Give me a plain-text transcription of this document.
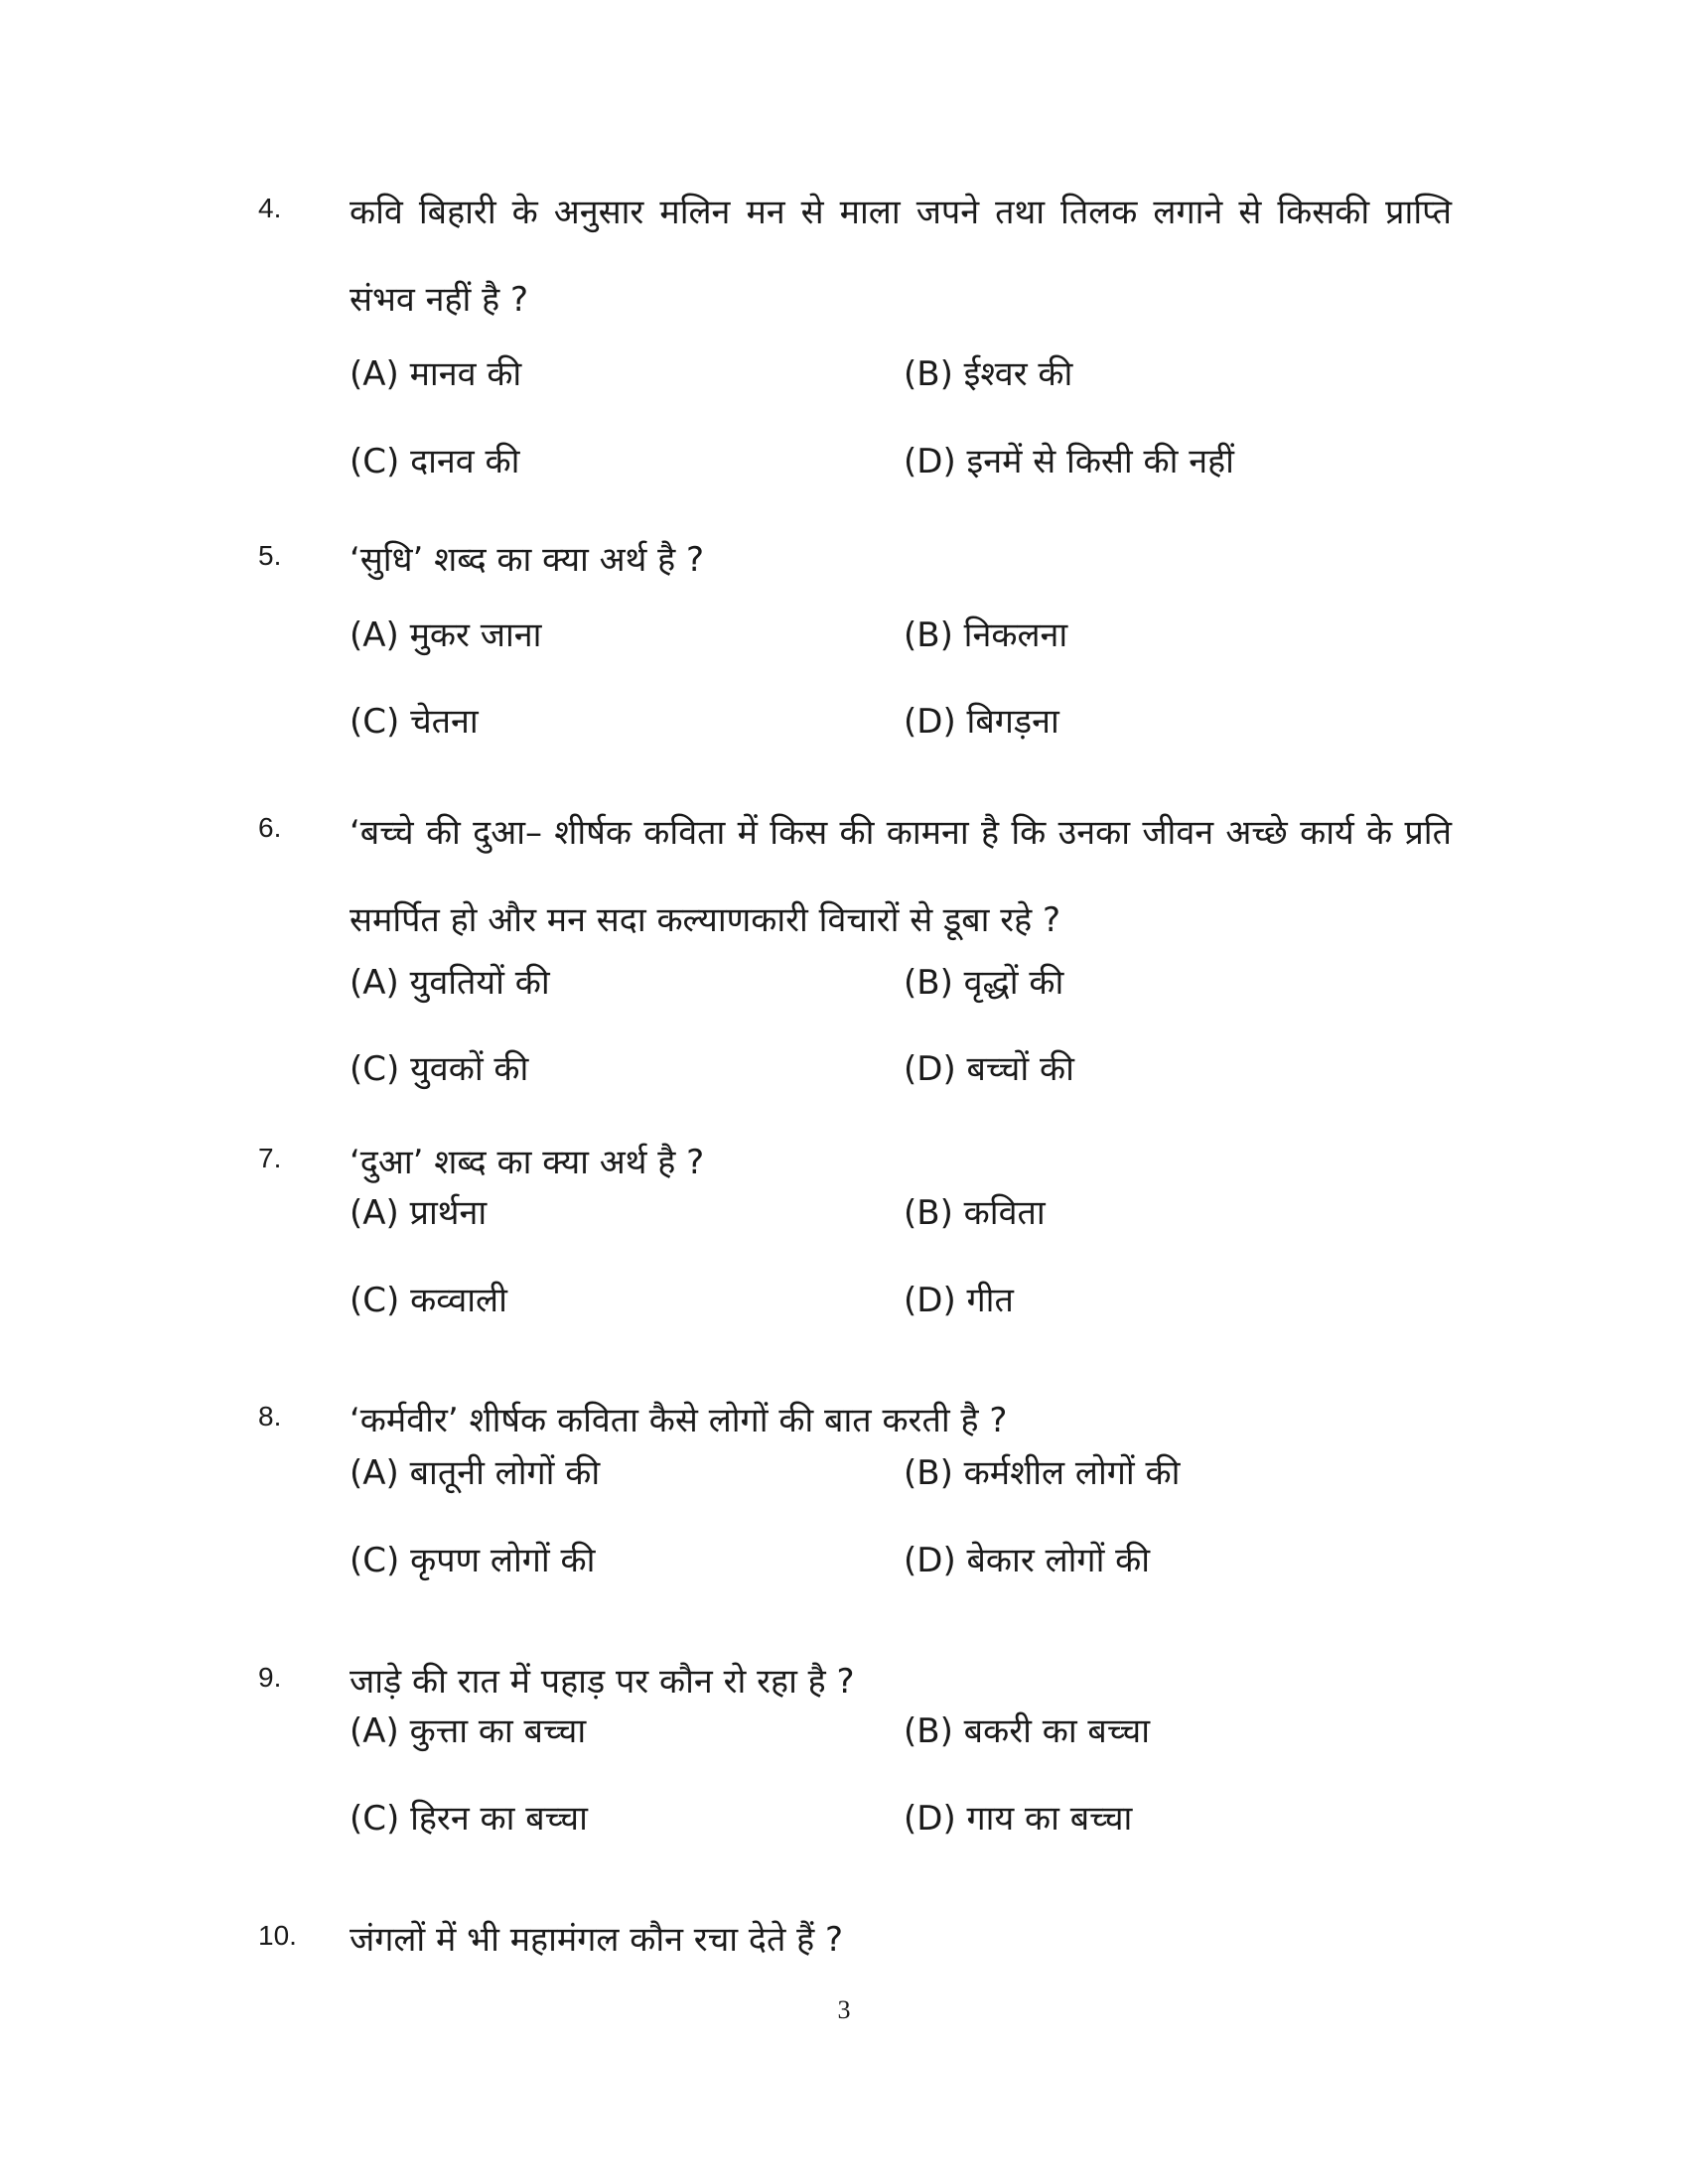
4. कवि बिहारी के अनुसार मलिन मन से माला जपने तथा तिलक लगाने से किसकी प्राप्ति संभव नहीं है ?
(A) मानव की	(B) ईश्वर की
(C) दानव की	(D) इनमें से किसी की नहीं
5. ‘सुधि’ शब्द का क्या अर्थ है ?
(A) मुकर जाना	(B) निकलना
(C) चेतना	(D) बिगड़ना
6. ‘बच्चे की दुआ– शीर्षक कविता में किस की कामना है कि उनका जीवन अच्छे कार्य के प्रति समर्पित हो और मन सदा कल्याणकारी विचारों से डूबा रहे ?
(A) युवतियों की	(B) वृद्धों की
(C) युवकों की	(D) बच्चों की
7. ‘दुआ’ शब्द का क्या अर्थ है ?
(A) प्रार्थना	(B) कविता
(C) कव्वाली	(D) गीत
8. ‘कर्मवीर’ शीर्षक कविता कैसे लोगों की बात करती है ?
(A) बातूनी लोगों की	(B) कर्मशील लोगों की
(C) कृपण लोगों की	(D) बेकार लोगों की
9. जाड़े की रात में पहाड़ पर कौन रो रहा है ?
(A) कुत्ता का बच्चा	(B) बकरी का बच्चा
(C) हिरन का बच्चा	(D) गाय का बच्चा
10. जंगलों में भी महामंगल कौन रचा देते हैं ?
3
